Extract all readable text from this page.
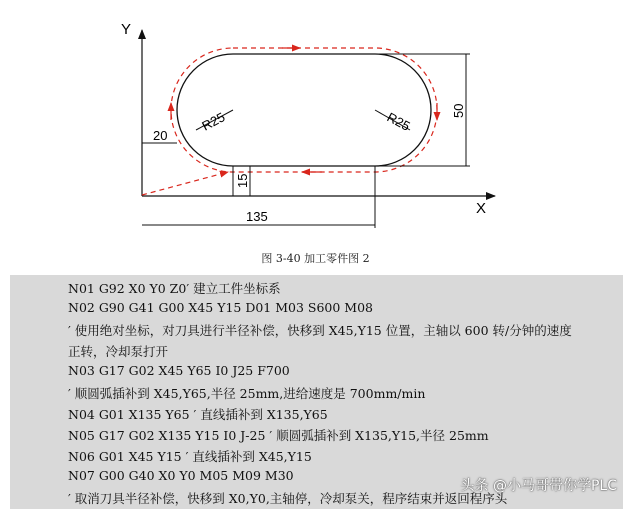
Y
X
R25	R25
20
50
15
135
图 3-40 加工零件图 2
N01 G92 X0 Y0 Z0′ 建立工件坐标系
N02 G90 G41 G00 X45 Y15 D01 M03 S600 M08
′ 使用绝对坐标，对刀具进行半径补偿，快移到 X45,Y15 位置，主轴以 600 转/分钟的速度
正转，冷却泵打开
N03 G17 G02 X45 Y65 I0 J25 F700
′ 顺圆弧插补到 X45,Y65,半径 25mm,进给速度是 700mm/min
N04 G01 X135 Y65 ′ 直线插补到 X135,Y65
N05 G17 G02 X135 Y15 I0 J-25 ′ 顺圆弧插补到 X135,Y15,半径 25mm
N06 G01 X45 Y15 ′ 直线插补到 X45,Y15
N07 G00 G40 X0 Y0 M05 M09 M30
′ 取消刀具半径补偿，快移到 X0,Y0,主轴停，冷却泵关，程序结束并返回程序头
头条 @小马哥带你学PLC
